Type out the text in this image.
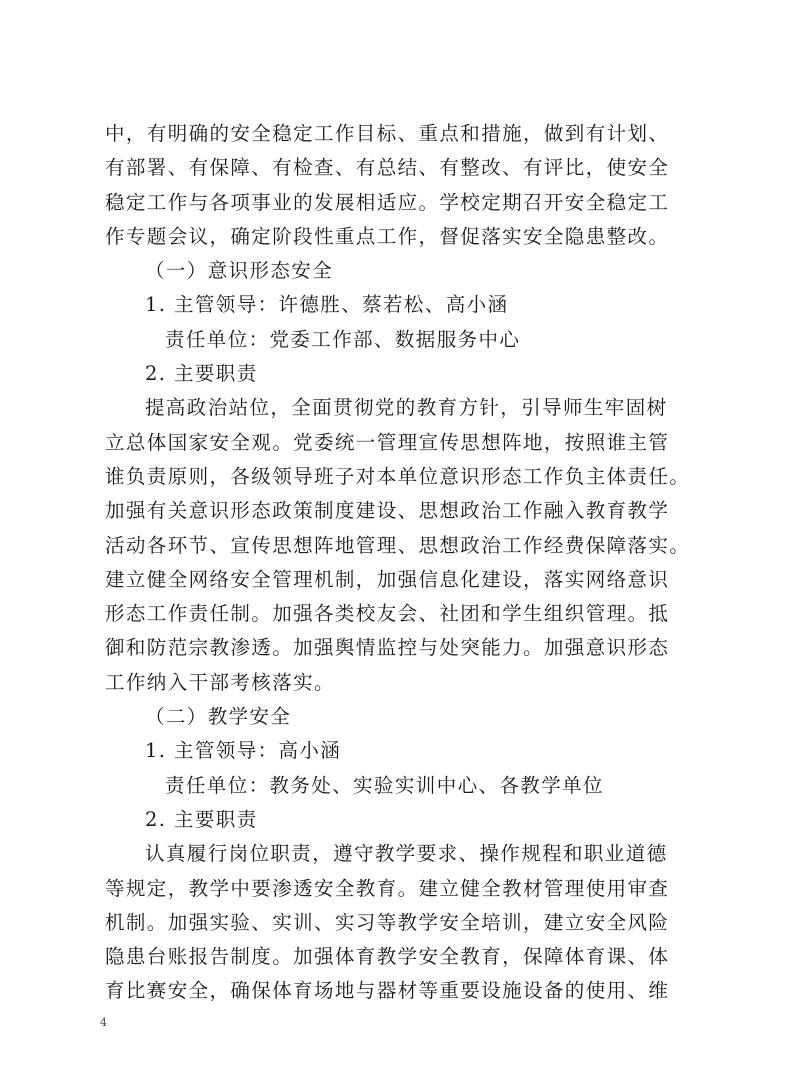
中，有明确的安全稳定工作目标、重点和措施，做到有计划、
有部署、有保障、有检查、有总结、有整改、有评比，使安全
稳定工作与各项事业的发展相适应。学校定期召开安全稳定工
作专题会议，确定阶段性重点工作，督促落实安全隐患整改。
（一）意识形态安全
1. 主管领导：许德胜、蔡若松、高小涵
责任单位：党委工作部、数据服务中心
2. 主要职责
提高政治站位，全面贯彻党的教育方针，引导师生牢固树
立总体国家安全观。党委统一管理宣传思想阵地，按照谁主管
谁负责原则，各级领导班子对本单位意识形态工作负主体责任。
加强有关意识形态政策制度建设、思想政治工作融入教育教学
活动各环节、宣传思想阵地管理、思想政治工作经费保障落实。
建立健全网络安全管理机制，加强信息化建设，落实网络意识
形态工作责任制。加强各类校友会、社团和学生组织管理。抵
御和防范宗教渗透。加强舆情监控与处突能力。加强意识形态
工作纳入干部考核落实。
（二）教学安全
1. 主管领导：高小涵
责任单位：教务处、实验实训中心、各教学单位
2. 主要职责
认真履行岗位职责，遵守教学要求、操作规程和职业道德
等规定，教学中要渗透安全教育。建立健全教材管理使用审查
机制。加强实验、实训、实习等教学安全培训，建立安全风险
隐患台账报告制度。加强体育教学安全教育，保障体育课、体
育比赛安全，确保体育场地与器材等重要设施设备的使用、维
4
